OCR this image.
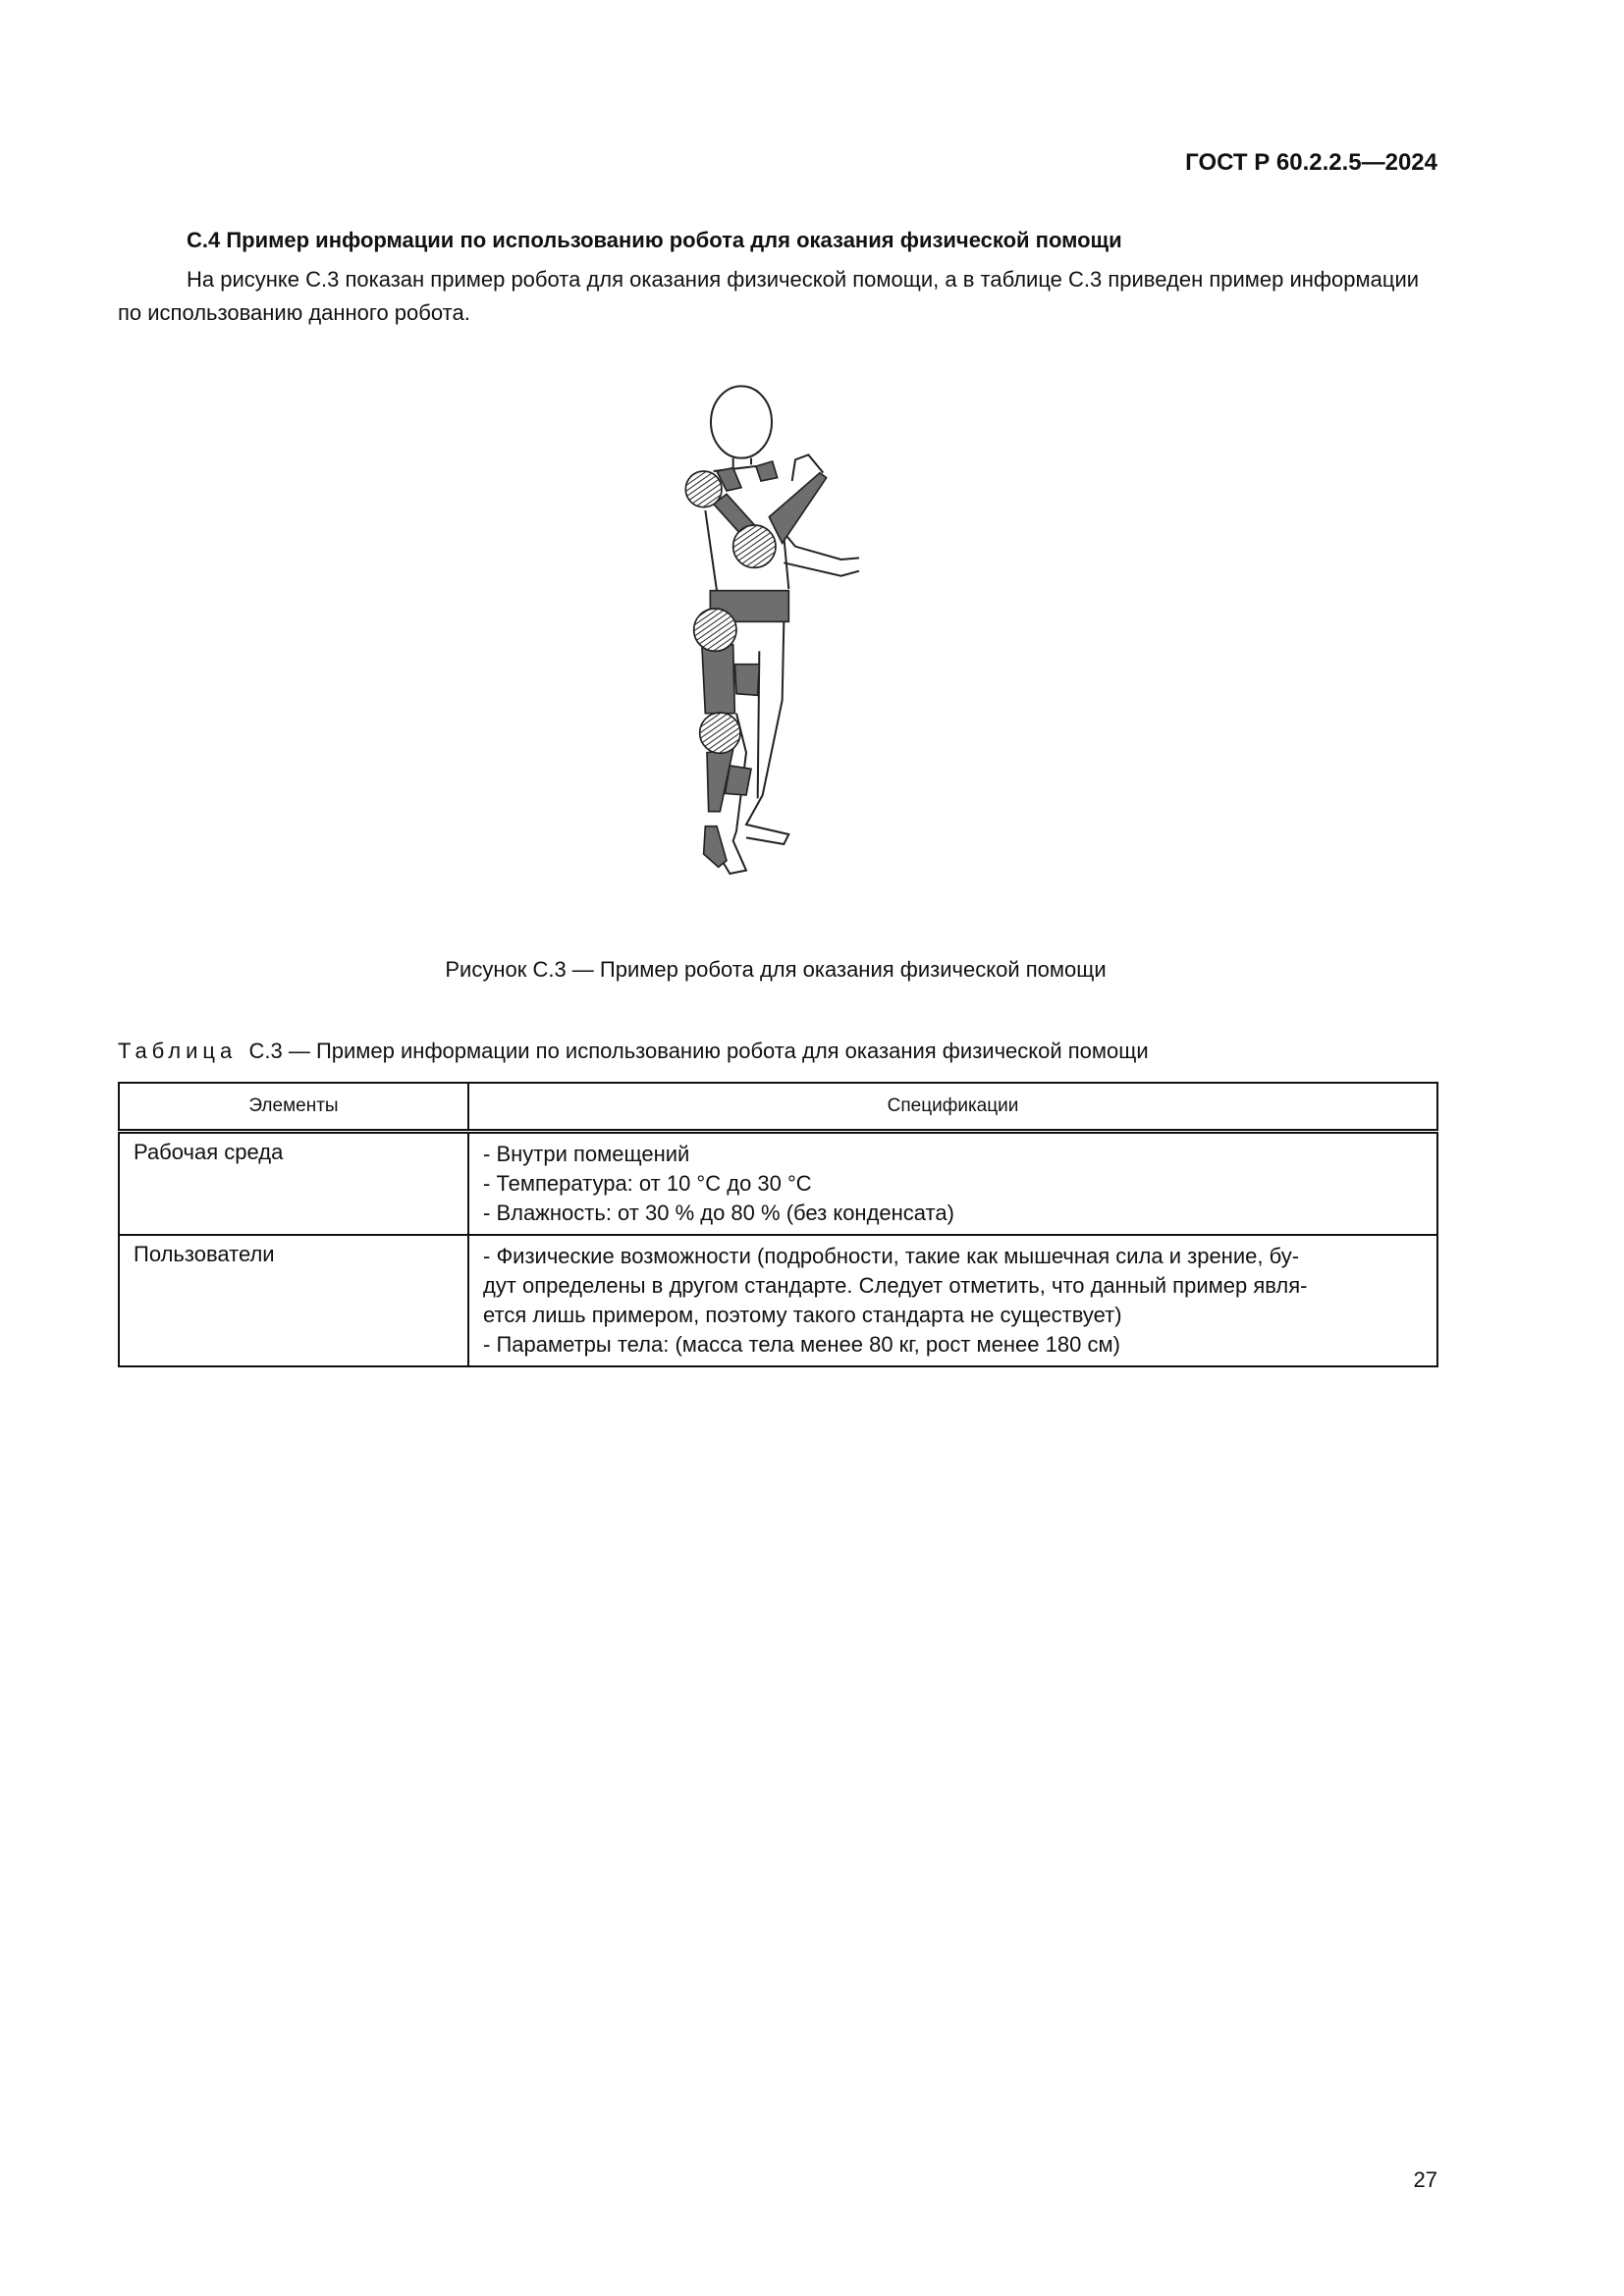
ГОСТ Р 60.2.2.5—2024
С.4 Пример информации по использованию робота для оказания физической помощи
На рисунке С.3 показан пример робота для оказания физической помощи, а в таблице С.3 приведен пример информации по использованию данного робота.
Рисунок С.3 — Пример робота для оказания физической помощи
Таблица С.3 — Пример информации по использованию робота для оказания физической помощи
Элементы	Спецификации
Рабочая среда	- Внутри помещений
- Температура: от 10 °С до 30 °С
- Влажность: от 30 % до 80 % (без конденсата)

Пользователи	- Физические возможности (подробности, такие как мышечная сила и зрение, бу-
дут определены в другом стандарте. Следует отметить, что данный пример явля-
ется лишь примером, поэтому такого стандарта не существует)
- Параметры тела: (масса тела менее 80 кг, рост менее 180 см)
27
